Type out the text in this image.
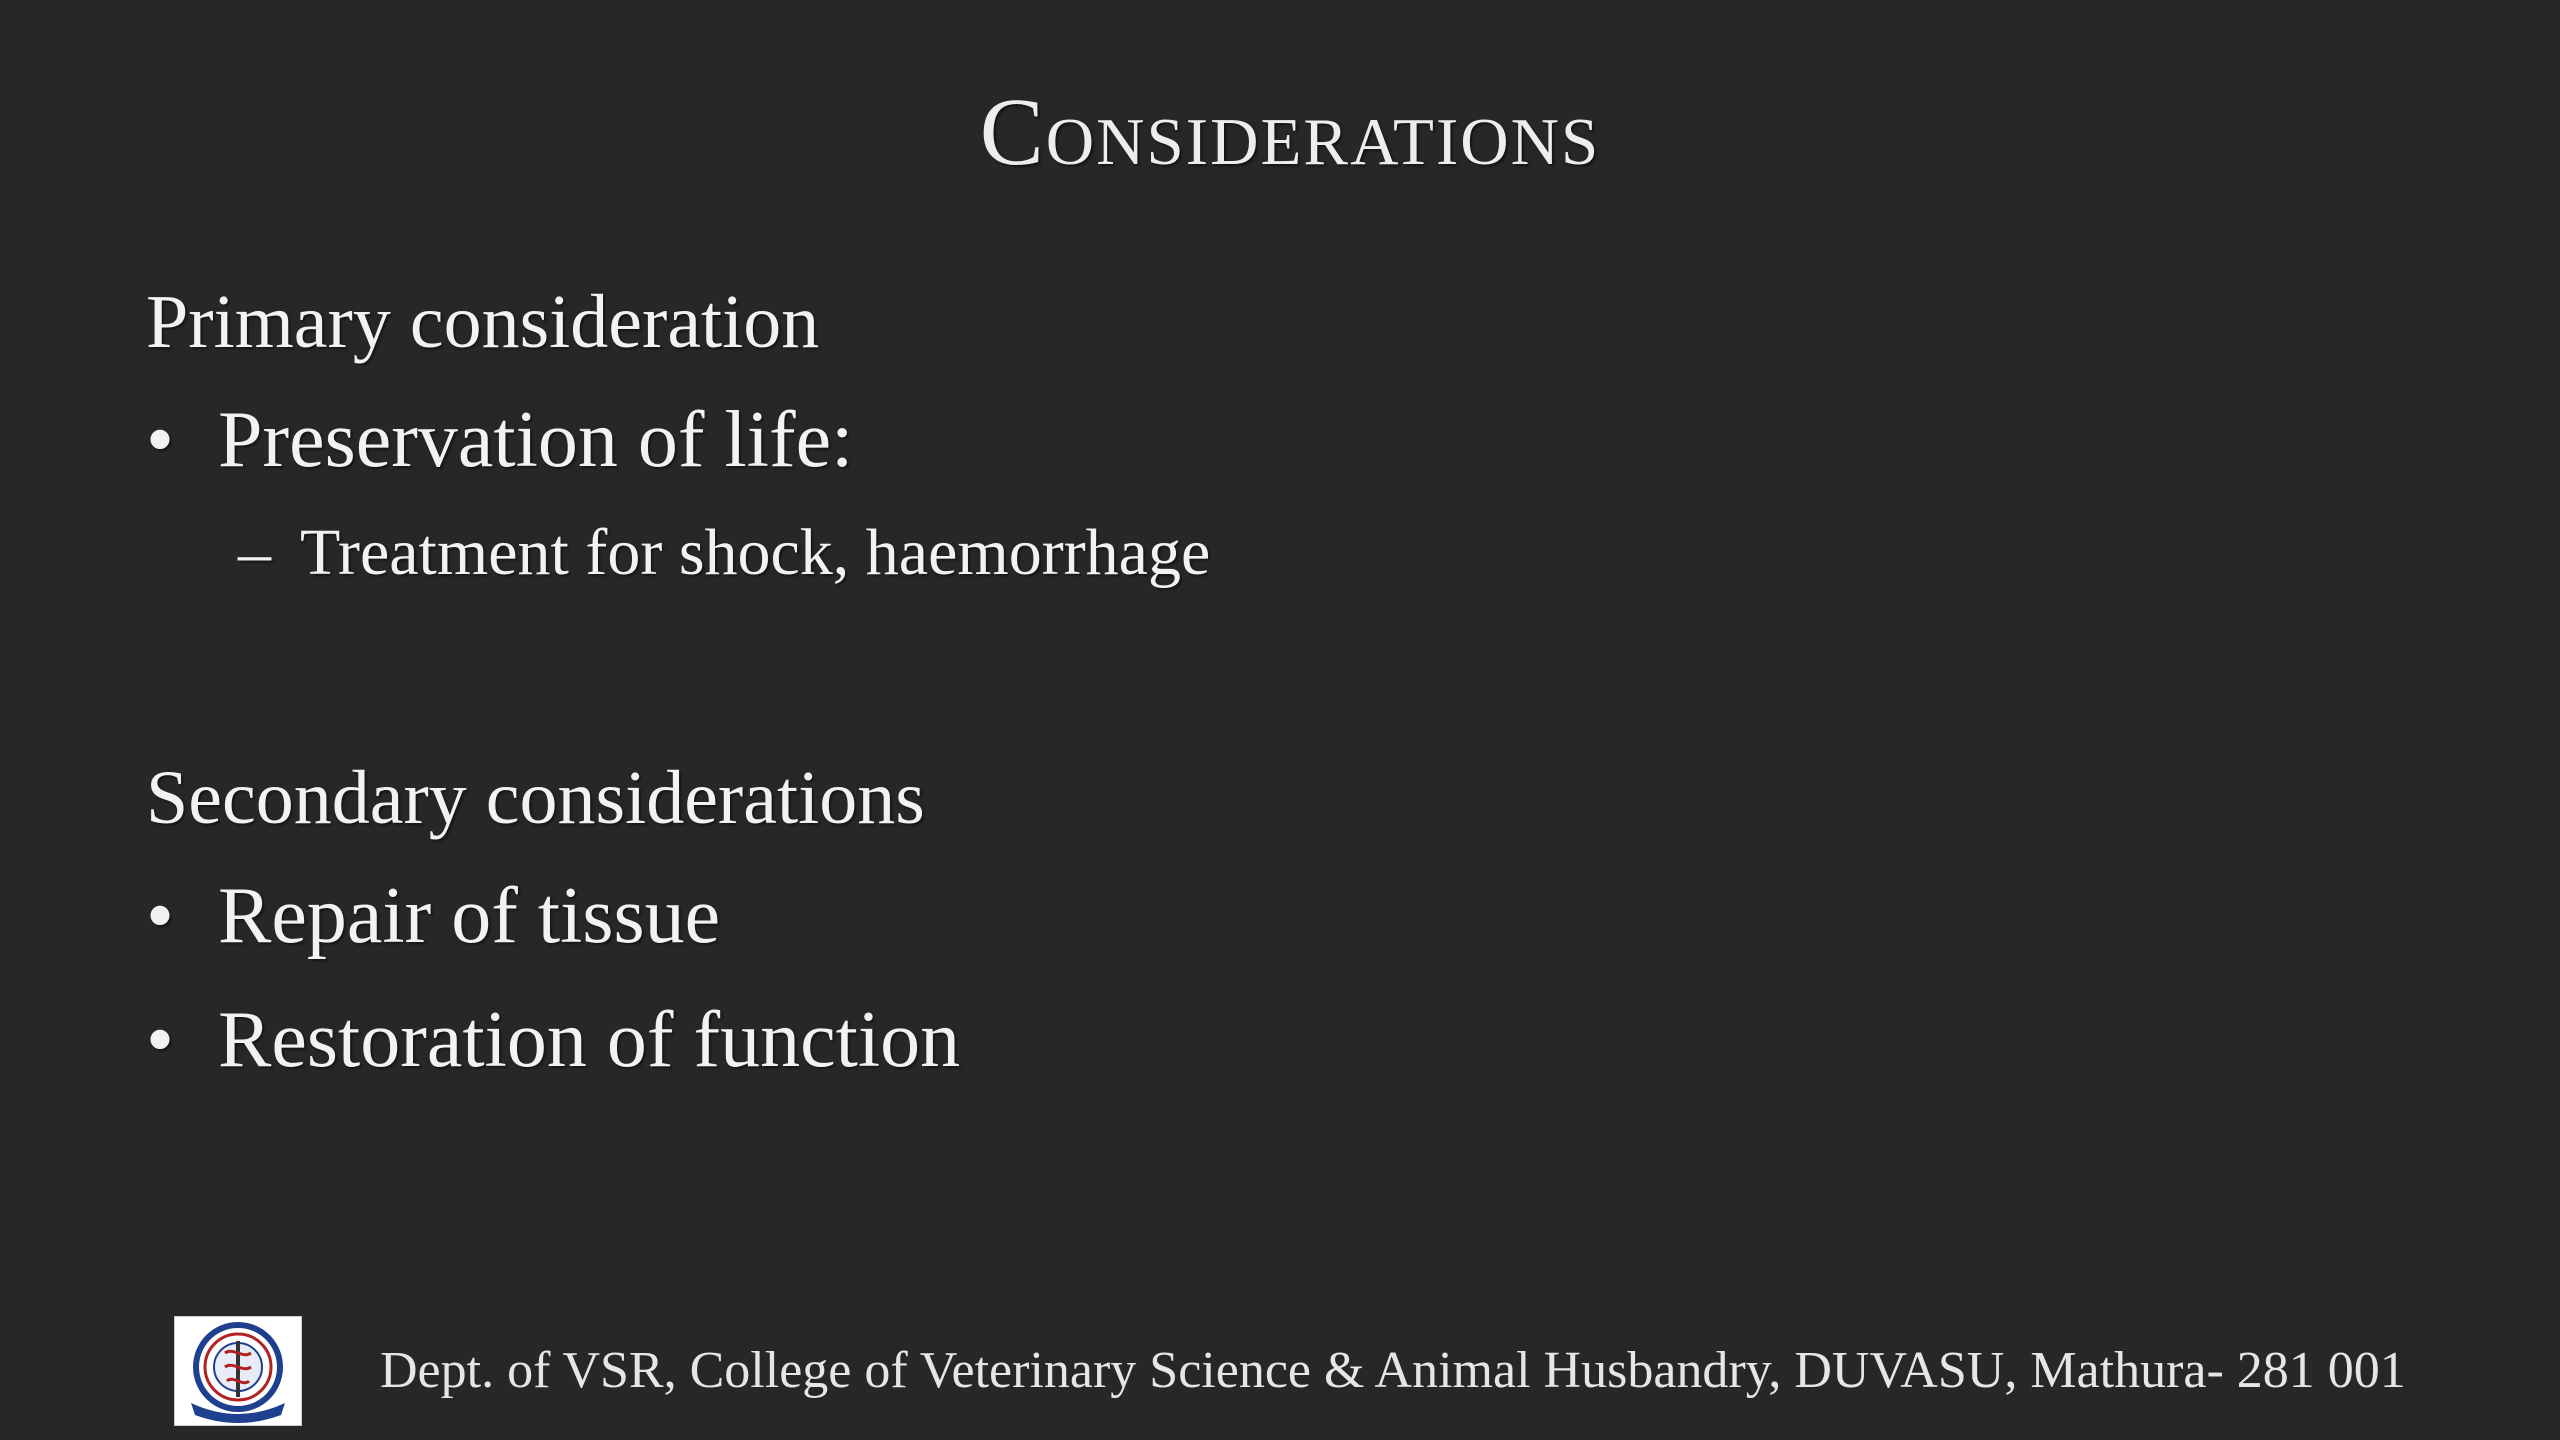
Considerations
Primary consideration
• Preservation of life:
– Treatment for shock, haemorrhage
Secondary considerations
• Repair of tissue
• Restoration of function
Dept. of VSR, College of Veterinary Science & Animal Husbandry, DUVASU, Mathura- 281 001
